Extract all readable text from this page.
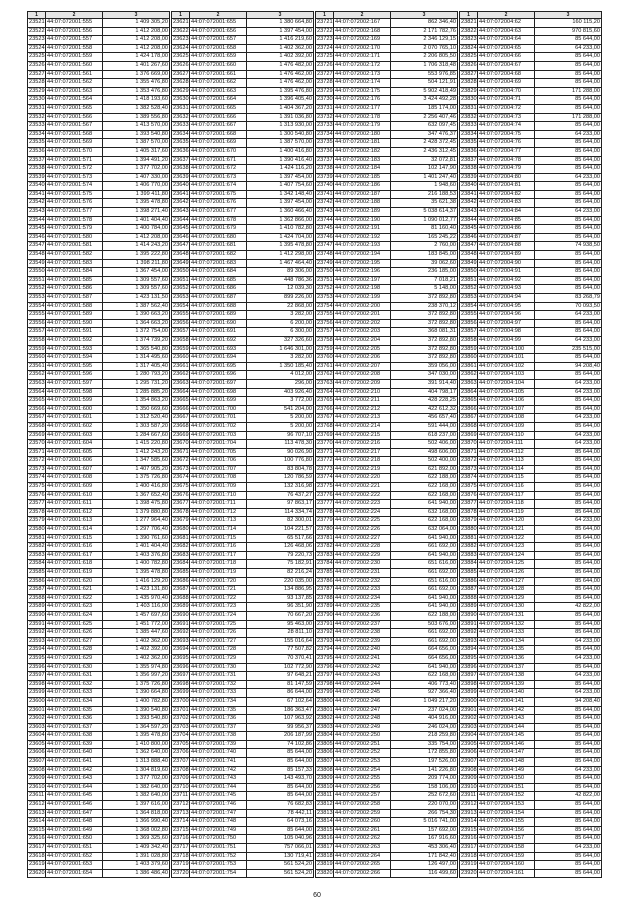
1	2	3
23521 44:07:072001:555	1 409 305,20
23522 44:07:072001:556	1 412 208,00
23523 44:07:072001:557	1 412 208,00
23524 44:07:072001:558	1 412 208,00
23525 44:07:072001:559	1 424 178,00
23526 44:07:072001:560	1 401 267,60
23527 44:07:072001:561	1 376 669,00
23528 44:07:072001:562	1 355 476,80
23529 44:07:072001:563	1 353 476,80
23530 44:07:072001:564	1 418 193,60
23531 44:07:072001:565	1 382 528,40
23532 44:07:072001:566	1 389 556,80
23533 44:07:072001:567	1 413 570,00
23534 44:07:072001:568	1 393 540,80
23535 44:07:072001:569	1 387 570,00
23536 44:07:072001:570	1 405 317,60
23537 44:07:072001:571	1 394 491,20
23538 44:07:072001:572	1 377 702,00
23539 44:07:072001:573	1 407 330,00
23540 44:07:072001:574	1 406 770,00
23541 44:07:072001:575	1 399 411,80
23542 44:07:072001:576	1 395 478,80
23543 44:07:072001:577	1 398 271,40
23544 44:07:072001:578	1 401 404,40
23545 44:07:072001:579	1 400 784,00
23546 44:07:072001:580	1 412 208,00
23547 44:07:072001:581	1 414 243,20
23548 44:07:072001:582	1 395 222,80
23549 44:07:072001:583	1 398 211,80
23550 44:07:072001:584	1 367 454,00
23551 44:07:072001:585	1 309 557,60
23552 44:07:072001:586	1 309 557,60
23553 44:07:072001:587	1 423 131,50
23554 44:07:072001:588	1 387 562,40
23555 44:07:072001:589	1 390 663,20
23556 44:07:072001:590	1 364 663,20
23557 44:07:072001:591	1 372 754,00
23558 44:07:072001:592	1 374 739,20
23559 44:07:072001:593	1 365 540,80
23560 44:07:072001:594	1 314 495,60
23561 44:07:072001:595	1 317 405,40
23562 44:07:072001:596	1 280 793,20
23563 44:07:072001:597	1 295 731,20
23564 44:07:072001:598	1 285 885,20
23565 44:07:072001:599	1 354 863,20
23566 44:07:072001:600	1 350 669,60
23567 44:07:072001:601	1 312 520,40
23568 44:07:072001:602	1 303 587,20
23569 44:07:072001:603	1 284 667,60
23570 44:07:072001:604	1 415 220,80
23571 44:07:072001:605	1 412 243,20
23572 44:07:072001:606	1 347 585,60
23573 44:07:072001:607	1 407 905,20
23574 44:07:072001:608	1 375 726,80
23575 44:07:072001:609	1 400 416,80
23576 44:07:072001:610	1 367 652,40
23577 44:07:072001:611	1 398 475,80
23578 44:07:072001:612	1 379 880,80
23579 44:07:072001:613	1 277 964,40
23580 44:07:072001:614	1 297 706,40
23581 44:07:072001:615	1 390 761,60
23582 44:07:072001:616	1 401 404,40
23583 44:07:072001:617	1 403 376,80
23584 44:07:072001:618	1 400 782,80
23585 44:07:072001:619	1 395 478,80
23586 44:07:072001:620	1 416 129,20
23587 44:07:072001:621	1 423 131,80
23588 44:07:072001:622	1 435 970,40
23589 44:07:072001:623	1 403 116,00
23590 44:07:072001:624	1 457 697,60
23591 44:07:072001:625	1 451 772,00
23592 44:07:072001:626	1 385 447,60
23593 44:07:072001:627	1 402 362,00
23594 44:07:072001:628	1 402 392,00
23595 44:07:072001:629	1 402 362,00
23596 44:07:072001:630	1 355 974,80
23597 44:07:072001:631	1 356 997,20
23598 44:07:072001:632	1 375 726,80
23599 44:07:072001:633	1 390 664,80
23600 44:07:072001:634	1 400 782,80
23601 44:07:072001:635	1 390 540,80
23602 44:07:072001:636	1 393 540,80
23603 44:07:072001:637	1 364 597,20
23604 44:07:072001:638	1 395 478,80
23605 44:07:072001:639	1 410 800,00
23606 44:07:072001:640	1 362 640,00
23607 44:07:072001:641	1 313 888,40
23608 44:07:072001:642	1 304 819,60
23609 44:07:072001:643	1 377 702,00
23610 44:07:072001:644	1 382 640,00
23611 44:07:072001:645	1 382 640,00
23612 44:07:072001:646	1 397 616,00
23613 44:07:072001:647	1 364 818,00
23614 44:07:072001:648	1 366 990,40
23615 44:07:072001:649	1 368 002,80
23616 44:07:072001:650	1 369 325,60
23617 44:07:072001:651	1 409 342,40
23618 44:07:072001:652	1 391 028,80
23619 44:07:072001:653	1 403 379,60
23620 44:07:072001:654	1 386 486,40
1	2	3
23621 44:07:072001:655	1 380 664,80
23622 44:07:072001:656	1 397 454,00
23623 44:07:072001:657	1 416 219,60
23624 44:07:072001:658	1 402 362,00
23625 44:07:072001:659	1 402 392,00
23626 44:07:072001:660	1 476 482,00
23627 44:07:072001:661	1 476 462,00
23628 44:07:072001:662	1 476 462,00
23629 44:07:072001:663	1 395 476,80
23630 44:07:072001:664	1 396 405,40
23631 44:07:072001:665	1 404 367,20
23632 44:07:072001:666	1 391 036,80
23633 44:07:072001:667	1 313 930,00
23634 44:07:072001:668	1 300 540,80
23635 44:07:072001:669	1 387 570,00
23636 44:07:072001:670	1 400 416,80
23637 44:07:072001:671	1 390 416,40
23638 44:07:072001:672	1 424 116,20
23639 44:07:072001:673	1 397 454,00
23640 44:07:072001:674	1 407 754,60
23641 44:07:072001:675	1 342 148,40
23642 44:07:072001:676	1 397 454,00
23643 44:07:072001:677	1 360 466,40
23644 44:07:072001:678	1 362 866,00
23645 44:07:072001:679	1 410 782,80
23646 44:07:072001:680	1 424 704,00
23647 44:07:072001:681	1 395 478,80
23648 44:07:072001:682	1 412 298,00
23649 44:07:072001:683	1 467 464,40
23650 44:07:072001:684	89 306,00
23651 44:07:072001:685	448 786,36
23652 44:07:072001:686	12 039,30
23653 44:07:072001:687	899 226,00
23654 44:07:072001:688	22 868,00
23655 44:07:072001:689	3 282,00
23656 44:07:072001:690	6 200,00
23657 44:07:072001:691	6 300,00
23658 44:07:072001:692	327 326,60
23659 44:07:072001:693	1 646 301,00
23660 44:07:072001:694	3 282,00
23661 44:07:072001:695	1 350 185,40
23662 44:07:072001:696	4 012,00
23663 44:07:072001:697	296,00
23664 44:07:072001:698	403 926,40
23665 44:07:072001:699	3 772,00
23666 44:07:072001:700	541 204,00
23667 44:07:072001:701	5 200,00
23668 44:07:072001:702	5 200,00
23669 44:07:072001:703	96 707,10
23670 44:07:072001:704	113 478,30
23671 44:07:072001:705	90 026,90
23672 44:07:072001:706	100 776,80
23673 44:07:072001:707	83 804,78
23674 44:07:072001:708	120 786,59
23675 44:07:072001:709	132 316,98
23676 44:07:072001:710	76 437,27
23677 44:07:072001:711	97 863,17
23678 44:07:072001:712	114 334,74
23679 44:07:072001:713	82 300,01
23680 44:07:072001:714	104 221,57
23681 44:07:072001:715	65 517,66
23682 44:07:072001:716	126 468,06
23683 44:07:072001:717	79 220,73
23684 44:07:072001:718	75 182,91
23685 44:07:072001:719	82 216,24
23686 44:07:072001:720	220 035,00
23687 44:07:072001:721	134 886,95
23688 44:07:072001:722	93 137,85
23689 44:07:072001:723	96 351,90
23690 44:07:072001:724	70 667,20
23691 44:07:072001:725	95 463,00
23692 44:07:072001:726	28 811,10
23693 44:07:072001:727	155 016,64
23694 44:07:072001:728	77 507,82
23695 44:07:072001:729	70 370,41
23696 44:07:072001:730	102 772,90
23697 44:07:072001:731	97 648,21
23698 44:07:072001:732	81 147,59
23699 44:07:072001:733	86 644,00
23700 44:07:072001:734	67 102,64
23701 44:07:072001:735	186 363,47
23702 44:07:072001:736	107 963,92
23703 44:07:072001:737	99 956,37
23704 44:07:072001:738	206 187,99
23705 44:07:072001:739	74 102,86
23706 44:07:072001:740	85 644,00
23707 44:07:072001:741	85 644,00
23708 44:07:072001:742	85 157,33
23709 44:07:072001:743	143 493,70
23710 44:07:072001:744	85 644,00
23711 44:07:072001:745	85 644,00
23712 44:07:072001:746	76 682,83
23713 44:07:072001:747	78 442,11
23714 44:07:072001:748	64 073,16
23715 44:07:072001:749	85 644,00
23716 44:07:072001:750	105 040,96
23717 44:07:072001:751	757 066,01
23718 44:07:072001:752	130 719,41
23719 44:07:072001:753	561 524,20
23720 44:07:072001:754	561 524,20
1	2	3
23721 44:07:072002:167	862 346,40
23722 44:07:072002:168	2 171 782,76
23723 44:07:072002:169	2 346 129,15
23724 44:07:072002:170	2 070 765,10
23725 44:07:072002:171	2 206 805,50
23726 44:07:072002:172	1 706 318,48
23727 44:07:072002:173	553 976,85
23728 44:07:072002:174	504 121,91
23729 44:07:072002:175	5 902 418,49
23730 44:07:072002:176	3 424 492,28
23731 44:07:072002:177	185 174,00
23732 44:07:072002:178	2 256 407,46
23733 44:07:072002:179	632 097,45
23734 44:07:072002:180	347 476,37
23735 44:07:072002:181	2 428 372,45
23736 44:07:072002:182	2 436 312,45
23737 44:07:072002:183	32 072,81
23738 44:07:072002:184	102 147,90
23739 44:07:072002:185	1 401 247,40
23740 44:07:072002:186	1 948,60
23741 44:07:072002:187	216 188,53
23742 44:07:072002:188	35 621,38
23743 44:07:072002:189	5 038 614,37
23744 44:07:072002:190	1 090 012,77
23745 44:07:072002:191	81 160,40
23746 44:07:072002:192	165 245,22
23747 44:07:072002:193	2 760,00
23748 44:07:072002:194	183 845,00
23749 44:07:072002:195	39 062,60
23750 44:07:072002:196	236 185,00
23751 44:07:072002:197	7 018,21
23752 44:07:072002:198	5 148,00
23753 44:07:072002:199	372 892,80
23754 44:07:072002:200	238 370,12
23755 44:07:072002:201	372 892,80
23756 44:07:072002:202	372 892,80
23757 44:07:072002:203	368 081,31
23758 44:07:072002:204	372 892,80
23759 44:07:072002:205	372 892,80
23760 44:07:072002:206	372 892,80
23761 44:07:072002:207	359 056,00
23762 44:07:072002:208	347 030,00
23763 44:07:072002:209	391 914,40
23764 44:07:072002:210	404 798,17
23765 44:07:072002:211	428 228,25
23766 44:07:072002:212	422 612,32
23767 44:07:072002:213	456 657,40
23768 44:07:072002:214	591 444,00
23769 44:07:072002:215	618 237,00
23770 44:07:072002:216	502 406,00
23771 44:07:072002:217	498 606,00
23772 44:07:072002:218	502 400,00
23773 44:07:072002:219	621 892,00
23774 44:07:072002:220	622 188,00
23775 44:07:072002:221	622 168,00
23776 44:07:072002:222	622 168,00
23777 44:07:072002:223	641 940,00
23778 44:07:072002:224	632 168,00
23779 44:07:072002:225	622 168,00
23780 44:07:072002:226	632 064,00
23781 44:07:072002:227	641 940,00
23782 44:07:072002:228	661 692,00
23783 44:07:072002:229	641 940,00
23784 44:07:072002:230	651 616,00
23785 44:07:072002:231	661 692,00
23786 44:07:072002:232	651 616,00
23787 44:07:072002:233	661 692,00
23788 44:07:072002:234	641 940,00
23789 44:07:072002:235	641 940,00
23790 44:07:072002:236	622 188,00
23791 44:07:072002:237	503 676,00
23792 44:07:072002:238	661 692,00
23793 44:07:072002:239	661 692,00
23794 44:07:072002:240	664 656,00
23795 44:07:072002:241	664 656,00
23796 44:07:072002:242	641 940,00
23797 44:07:072002:243	622 168,00
23798 44:07:072002:244	406 773,40
23799 44:07:072002:245	927 366,40
23800 44:07:072002:246	1 049 217,20
23801 44:07:072002:247	237 024,00
23802 44:07:072002:248	404 916,00
23803 44:07:072002:249	246 024,00
23804 44:07:072002:250	218 259,80
23805 44:07:072002:251	335 754,00
23806 44:07:072002:252	172 855,80
23807 44:07:072002:253	197 526,00
23808 44:07:072002:254	141 226,80
23809 44:07:072002:255	209 774,00
23810 44:07:072002:256	158 106,00
23811 44:07:072002:257	252 672,60
23812 44:07:072002:258	220 070,00
23813 44:07:072002:259	266 754,30
23814 44:07:072002:260	5 016 741,00
23815 44:07:072002:261	157 692,00
23816 44:07:072002:262	167 916,60
23817 44:07:072002:263	453 306,40
23818 44:07:072002:264	171 842,40
23819 44:07:072002:265	126 497,00
23820 44:07:072002:266	116 499,60
1	2	3
23821 44:07:072004:62	160 115,20
23822 44:07:072004:63	970 815,60
23823 44:07:072004:64	85 644,00
23824 44:07:072004:65	64 233,00
23825 44:07:072004:66	85 644,00
23826 44:07:072004:67	85 644,00
23827 44:07:072004:68	85 644,00
23828 44:07:072004:69	85 644,00
23829 44:07:072004:70	171 288,00
23830 44:07:072004:71	85 644,00
23831 44:07:072004:72	85 644,00
23832 44:07:072004:73	171 288,00
23833 44:07:072004:74	85 644,00
23834 44:07:072004:75	64 233,00
23835 44:07:072004:76	85 644,00
23836 44:07:072004:77	85 644,00
23837 44:07:072004:78	85 644,00
23838 44:07:072004:79	85 644,00
23839 44:07:072004:80	64 233,00
23840 44:07:072004:81	85 644,00
23841 44:07:072004:82	85 644,00
23842 44:07:072004:83	85 644,00
23843 44:07:072004:84	64 233,00
23844 44:07:072004:85	85 644,00
23845 44:07:072004:86	85 644,00
23846 44:07:072004:87	85 644,00
23847 44:07:072004:88	74 938,50
23848 44:07:072004:89	85 644,00
23849 44:07:072004:90	85 644,00
23850 44:07:072004:91	85 644,00
23851 44:07:072004:92	85 644,00
23852 44:07:072004:93	85 644,00
23853 44:07:072004:94	83 268,79
23854 44:07:072004:95	70 093,50
23855 44:07:072004:96	64 233,00
23856 44:07:072004:97	85 644,00
23857 44:07:072004:98	85 644,00
23858 44:07:072004:99	64 233,00
23859 44:07:072004:100	235 515,00
23860 44:07:072004:101	85 644,00
23861 44:07:072004:102	94 208,40
23862 44:07:072004:103	85 644,00
23863 44:07:072004:104	64 233,00
23864 44:07:072004:105	64 233,00
23865 44:07:072004:106	85 644,00
23866 44:07:072004:107	85 644,00
23867 44:07:072004:108	64 233,00
23868 44:07:072004:109	85 644,00
23869 44:07:072004:110	64 233,00
23870 44:07:072004:111	64 233,00
23871 44:07:072004:112	85 644,00
23872 44:07:072004:113	85 644,00
23873 44:07:072004:114	85 644,00
23874 44:07:072004:115	85 644,00
23875 44:07:072004:116	85 644,00
23876 44:07:072004:117	85 644,00
23877 44:07:072004:118	85 644,00
23878 44:07:072004:119	85 644,00
23879 44:07:072004:120	64 233,00
23880 44:07:072004:121	85 644,00
23881 44:07:072004:122	85 644,00
23882 44:07:072004:123	85 644,00
23883 44:07:072004:124	85 644,00
23884 44:07:072004:125	85 644,00
23885 44:07:072004:126	85 644,00
23886 44:07:072004:127	85 644,00
23887 44:07:072004:128	85 644,00
23888 44:07:072004:129	85 644,00
23889 44:07:072004:130	42 822,00
23890 44:07:072004:131	85 644,00
23891 44:07:072004:132	85 644,00
23892 44:07:072004:133	85 644,00
23893 44:07:072004:134	64 233,00
23894 44:07:072004:135	85 644,00
23895 44:07:072004:136	64 233,00
23896 44:07:072004:137	85 644,00
23897 44:07:072004:138	64 233,00
23898 44:07:072004:139	85 644,00
23899 44:07:072004:140	64 233,00
23900 44:07:072004:141	94 208,40
23901 44:07:072004:142	85 644,00
23902 44:07:072004:143	85 644,00
23903 44:07:072004:144	85 644,00
23904 44:07:072004:145	85 644,00
23905 44:07:072004:146	85 644,00
23906 44:07:072004:147	85 644,00
23907 44:07:072004:148	85 644,00
23908 44:07:072004:149	64 233,00
23909 44:07:072004:150	85 644,00
23910 44:07:072004:151	85 644,00
23911 44:07:072004:152	42 822,00
23912 44:07:072004:153	85 644,00
23913 44:07:072004:154	85 644,00
23914 44:07:072004:155	85 644,00
23915 44:07:072004:156	85 644,00
23916 44:07:072004:157	85 644,00
23917 44:07:072004:158	64 233,00
23918 44:07:072004:159	85 644,00
23919 44:07:072004:160	85 644,00
23920 44:07:072004:161	85 644,00
60
